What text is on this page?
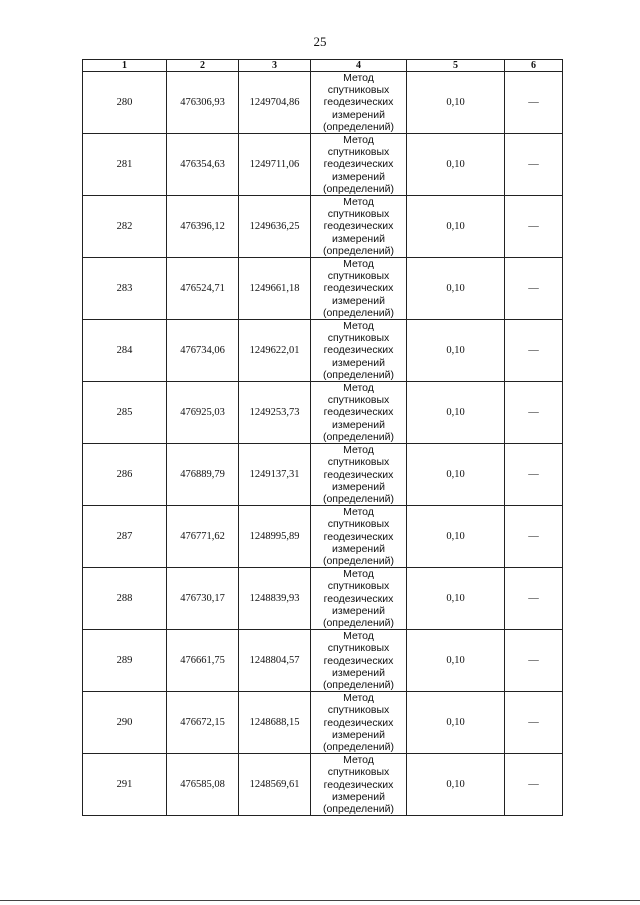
25
1	2	3	4	5	6
280	476306,93	1249704,86	Метод
спутниковых
геодезических
измерений
(определений)	0,10	—
281	476354,63	1249711,06	Метод
спутниковых
геодезических
измерений
(определений)	0,10	—
282	476396,12	1249636,25	Метод
спутниковых
геодезических
измерений
(определений)	0,10	—
283	476524,71	1249661,18	Метод
спутниковых
геодезических
измерений
(определений)	0,10	—
284	476734,06	1249622,01	Метод
спутниковых
геодезических
измерений
(определений)	0,10	—
285	476925,03	1249253,73	Метод
спутниковых
геодезических
измерений
(определений)	0,10	—
286	476889,79	1249137,31	Метод
спутниковых
геодезических
измерений
(определений)	0,10	—
287	476771,62	1248995,89	Метод
спутниковых
геодезических
измерений
(определений)	0,10	—
288	476730,17	1248839,93	Метод
спутниковых
геодезических
измерений
(определений)	0,10	—
289	476661,75	1248804,57	Метод
спутниковых
геодезических
измерений
(определений)	0,10	—
290	476672,15	1248688,15	Метод
спутниковых
геодезических
измерений
(определений)	0,10	—
291	476585,08	1248569,61	Метод
спутниковых
геодезических
измерений
(определений)	0,10	—
